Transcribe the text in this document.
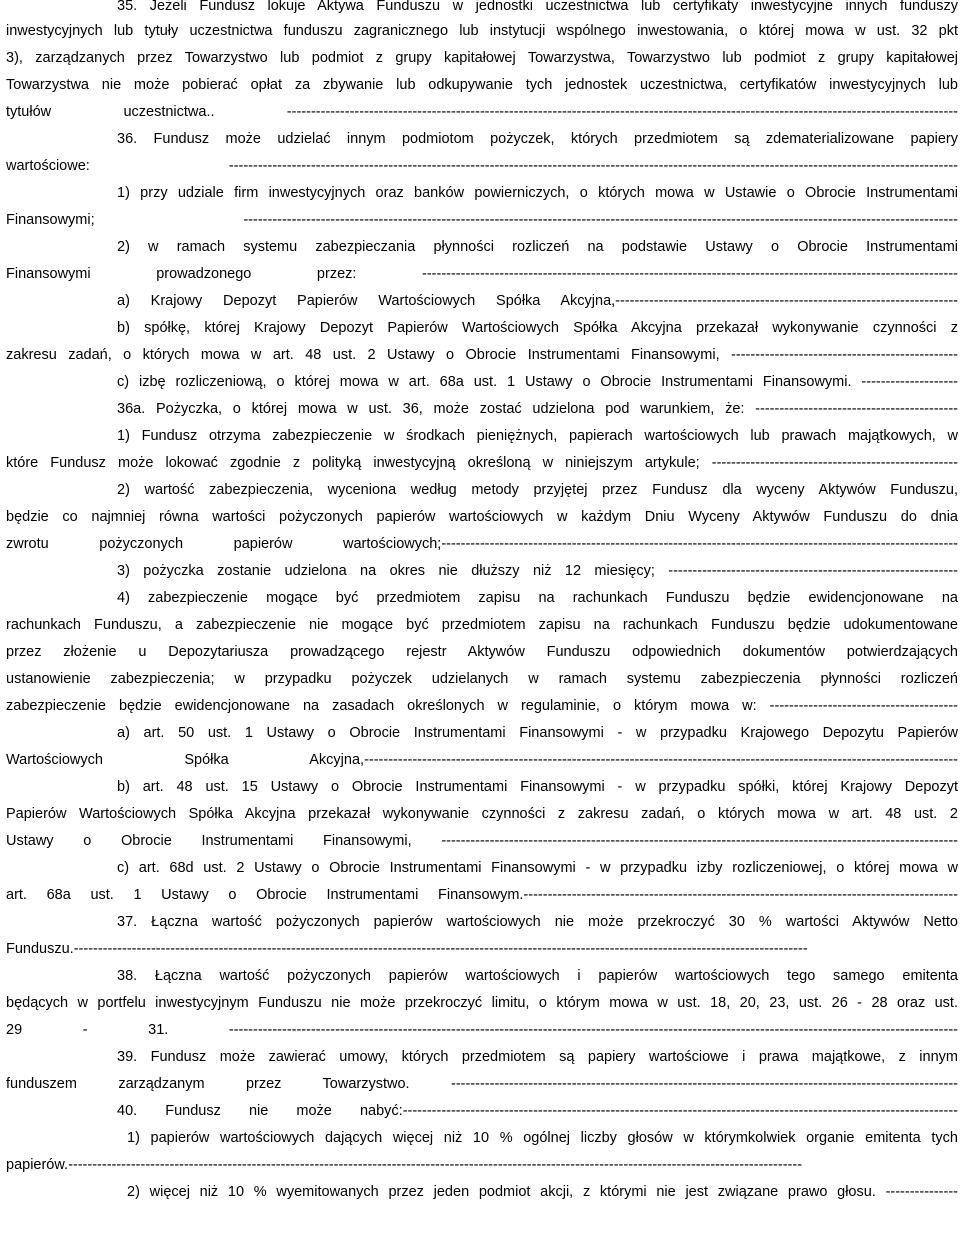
35. Jeżeli Fundusz lokuje Aktywa Funduszu w jednostki uczestnictwa lub certyfikaty inwestycyjne innych funduszy
inwestycyjnych lub tytuły uczestnictwa funduszu zagranicznego lub instytucji wspólnego inwestowania, o której mowa w ust. 32 pkt
3), zarządzanych przez Towarzystwo lub podmiot z grupy kapitałowej Towarzystwa, Towarzystwo lub podmiot z grupy kapitałowej
Towarzystwa nie może pobierać opłat za zbywanie lub odkupywanie tych jednostek uczestnictwa, certyfikatów inwestycyjnych lub
tytułów uczestnictwa.. -------------------------------------------------------------------------------------------------------------------------------------------
36. Fundusz może udzielać innym podmiotom pożyczek, których przedmiotem są zdematerializowane papiery
wartościowe: -------------------------------------------------------------------------------------------------------------------------------------------------------
1) przy udziale firm inwestycyjnych oraz banków powierniczych, o których mowa w Ustawie o Obrocie Instrumentami
Finansowymi; ----------------------------------------------------------------------------------------------------------------------------------------------------
2) w ramach systemu zabezpieczania płynności rozliczeń na podstawie Ustawy o Obrocie Instrumentami
Finansowymi prowadzonego przez: ---------------------------------------------------------------------------------------------------------------
a) Krajowy Depozyt Papierów Wartościowych Spółka Akcyjna,-----------------------------------------------------------------------
b) spółkę, której Krajowy Depozyt Papierów Wartościowych Spółka Akcyjna przekazał wykonywanie czynności z
zakresu zadań, o których mowa w art. 48 ust. 2 Ustawy o Obrocie Instrumentami Finansowymi, -----------------------------------------------
c) izbę rozliczeniową, o której mowa w art. 68a ust. 1 Ustawy o Obrocie Instrumentami Finansowymi. --------------------
36a. Pożyczka, o której mowa w ust. 36, może zostać udzielona pod warunkiem, że: ------------------------------------------
1) Fundusz otrzyma zabezpieczenie w środkach pieniężnych, papierach wartościowych lub prawach majątkowych, w
które Fundusz może lokować zgodnie z polityką inwestycyjną określoną w niniejszym artykule; ---------------------------------------------------
2) wartość zabezpieczenia, wyceniona według metody przyjętej przez Fundusz dla wyceny Aktywów Funduszu,
będzie co najmniej równa wartości pożyczonych papierów wartościowych w każdym Dniu Wyceny Aktywów Funduszu do dnia
zwrotu pożyczonych papierów wartościowych;-----------------------------------------------------------------------------------------------------------
3) pożyczka zostanie udzielona na okres nie dłuższy niż 12 miesięcy; ------------------------------------------------------------
4) zabezpieczenie mogące być przedmiotem zapisu na rachunkach Funduszu będzie ewidencjonowane na
rachunkach Funduszu, a zabezpieczenie nie mogące być przedmiotem zapisu na rachunkach Funduszu będzie udokumentowane
przez złożenie u Depozytariusza prowadzącego rejestr Aktywów Funduszu odpowiednich dokumentów potwierdzających
ustanowienie zabezpieczenia; w przypadku pożyczek udzielanych w ramach systemu zabezpieczenia płynności rozliczeń
zabezpieczenie będzie ewidencjonowane na zasadach określonych w regulaminie, o którym mowa w: ---------------------------------------
a) art. 50 ust. 1 Ustawy o Obrocie Instrumentami Finansowymi - w przypadku Krajowego Depozytu Papierów
Wartościowych Spółka Akcyjna,---------------------------------------------------------------------------------------------------------------------------
b) art. 48 ust. 15 Ustawy o Obrocie Instrumentami Finansowymi - w przypadku spółki, której Krajowy Depozyt
Papierów Wartościowych Spółka Akcyjna przekazał wykonywanie czynności z zakresu zadań, o których mowa w art. 48 ust. 2
Ustawy o Obrocie Instrumentami Finansowymi, -----------------------------------------------------------------------------------------------------------
c) art. 68d ust. 2 Ustawy o Obrocie Instrumentami Finansowymi - w przypadku izby rozliczeniowej, o której mowa w
art. 68a ust. 1 Ustawy o Obrocie Instrumentami Finansowym.------------------------------------------------------------------------------------------
37. Łączna wartość pożyczonych papierów wartościowych nie może przekroczyć 30 % wartości Aktywów Netto
Funduszu.--------------------------------------------------------------------------------------------------------------------------------------------------------
38. Łączna wartość pożyczonych papierów wartościowych i papierów wartościowych tego samego emitenta
będących w portfelu inwestycyjnym Funduszu nie może przekroczyć limitu, o którym mowa w ust. 18, 20, 23, ust. 26 - 28 oraz ust.
29 - 31. -------------------------------------------------------------------------------------------------------------------------------------------------------
39. Fundusz może zawierać umowy, których przedmiotem są papiery wartościowe i prawa majątkowe, z innym
funduszem zarządzanym przez Towarzystwo. ---------------------------------------------------------------------------------------------------------
40. Fundusz nie może nabyć:-------------------------------------------------------------------------------------------------------------------
1) papierów wartościowych dających więcej niż 10 % ogólnej liczby głosów w którymkolwiek organie emitenta tych
papierów.--------------------------------------------------------------------------------------------------------------------------------------------------------
2) więcej niż 10 % wyemitowanych przez jeden podmiot akcji, z którymi nie jest związane prawo głosu. ---------------
